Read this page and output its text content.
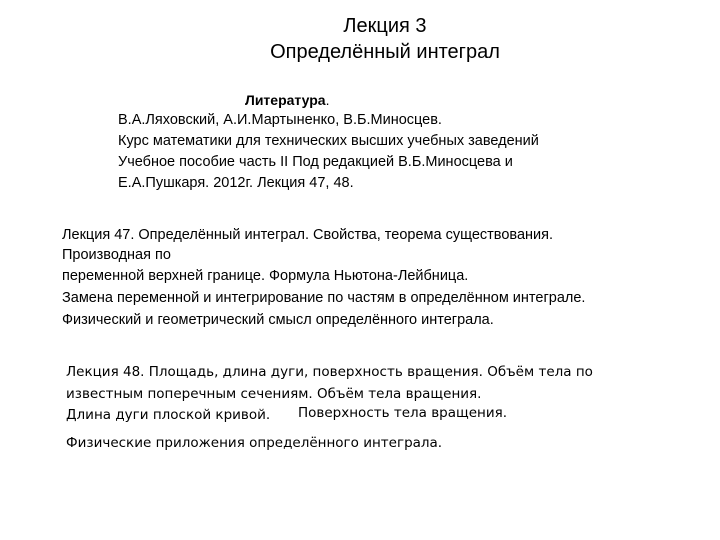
Лекция 3
Определённый интеграл
Литература.
В.А.Ляховский, А.И.Мартыненко, В.Б.Миносцев.
Курс математики для технических высших учебных заведений
Учебное пособие часть II Под редакцией В.Б.Миносцева и
Е.А.Пушкаря. 2012г. Лекция 47, 48.
Лекция 47. Определённый интеграл. Свойства, теорема существования.
Производная по
переменной верхней границе. Формула Ньютона-Лейбница.
Замена переменной и интегрирование по частям в определённом интеграле.
Физический и геометрический смысл определённого интеграла.
Лекция 48. Площадь, длина дуги, поверхность вращения. Объём тела по
известным поперечным сечениям. Объём тела вращения.
Длина дуги плоской кривой. Поверхность тела вращения.
Физические приложения определённого интеграла.
